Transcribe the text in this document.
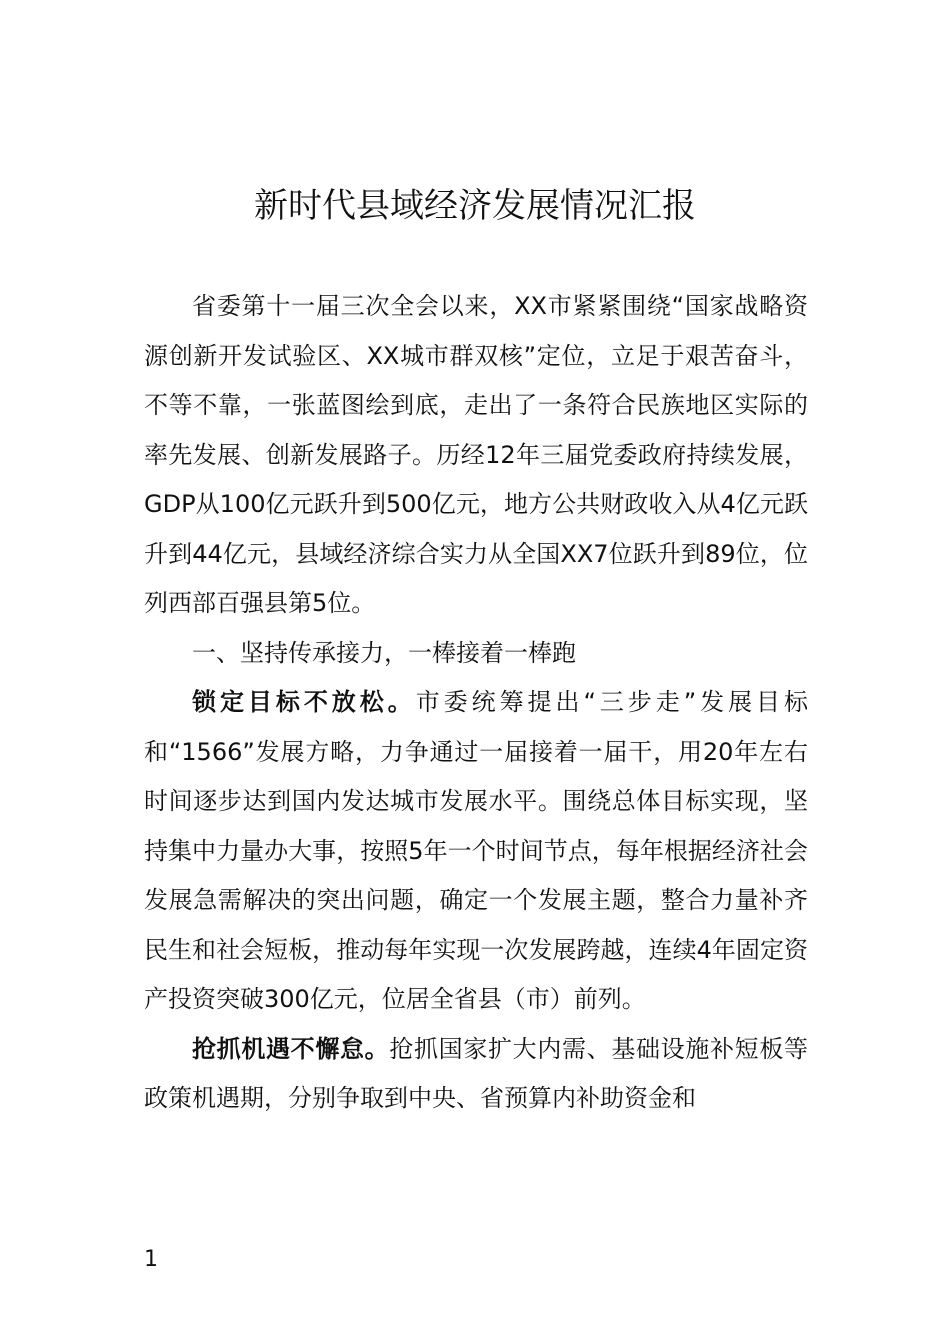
新时代县域经济发展情况汇报

省委第十一届三次全会以来，XX市紧紧围绕“国家战略资源创新开发试验区、XX城市群双核”定位，立足于艰苦奋斗，不等不靠，一张蓝图绘到底，走出了一条符合民族地区实际的率先发展、创新发展路子。历经12年三届党委政府持续发展，GDP从100亿元跃升到500亿元，地方公共财政收入从4亿元跃升到44亿元，县域经济综合实力从全国XX7位跃升到89位，位列西部百强县第5位。

一、坚持传承接力，一棒接着一棒跑

锁定目标不放松。市委统筹提出“三步走”发展目标和“1566”发展方略，力争通过一届接着一届干，用20年左右时间逐步达到国内发达城市发展水平。围绕总体目标实现，坚持集中力量办大事，按照5年一个时间节点，每年根据经济社会发展急需解决的突出问题，确定一个发展主题，整合力量补齐民生和社会短板，推动每年实现一次发展跨越，连续4年固定资产投资突破300亿元，位居全省县（市）前列。

抢抓机遇不懈怠。抢抓国家扩大内需、基础设施补短板等政策机遇期，分别争取到中央、省预算内补助资金和

1
